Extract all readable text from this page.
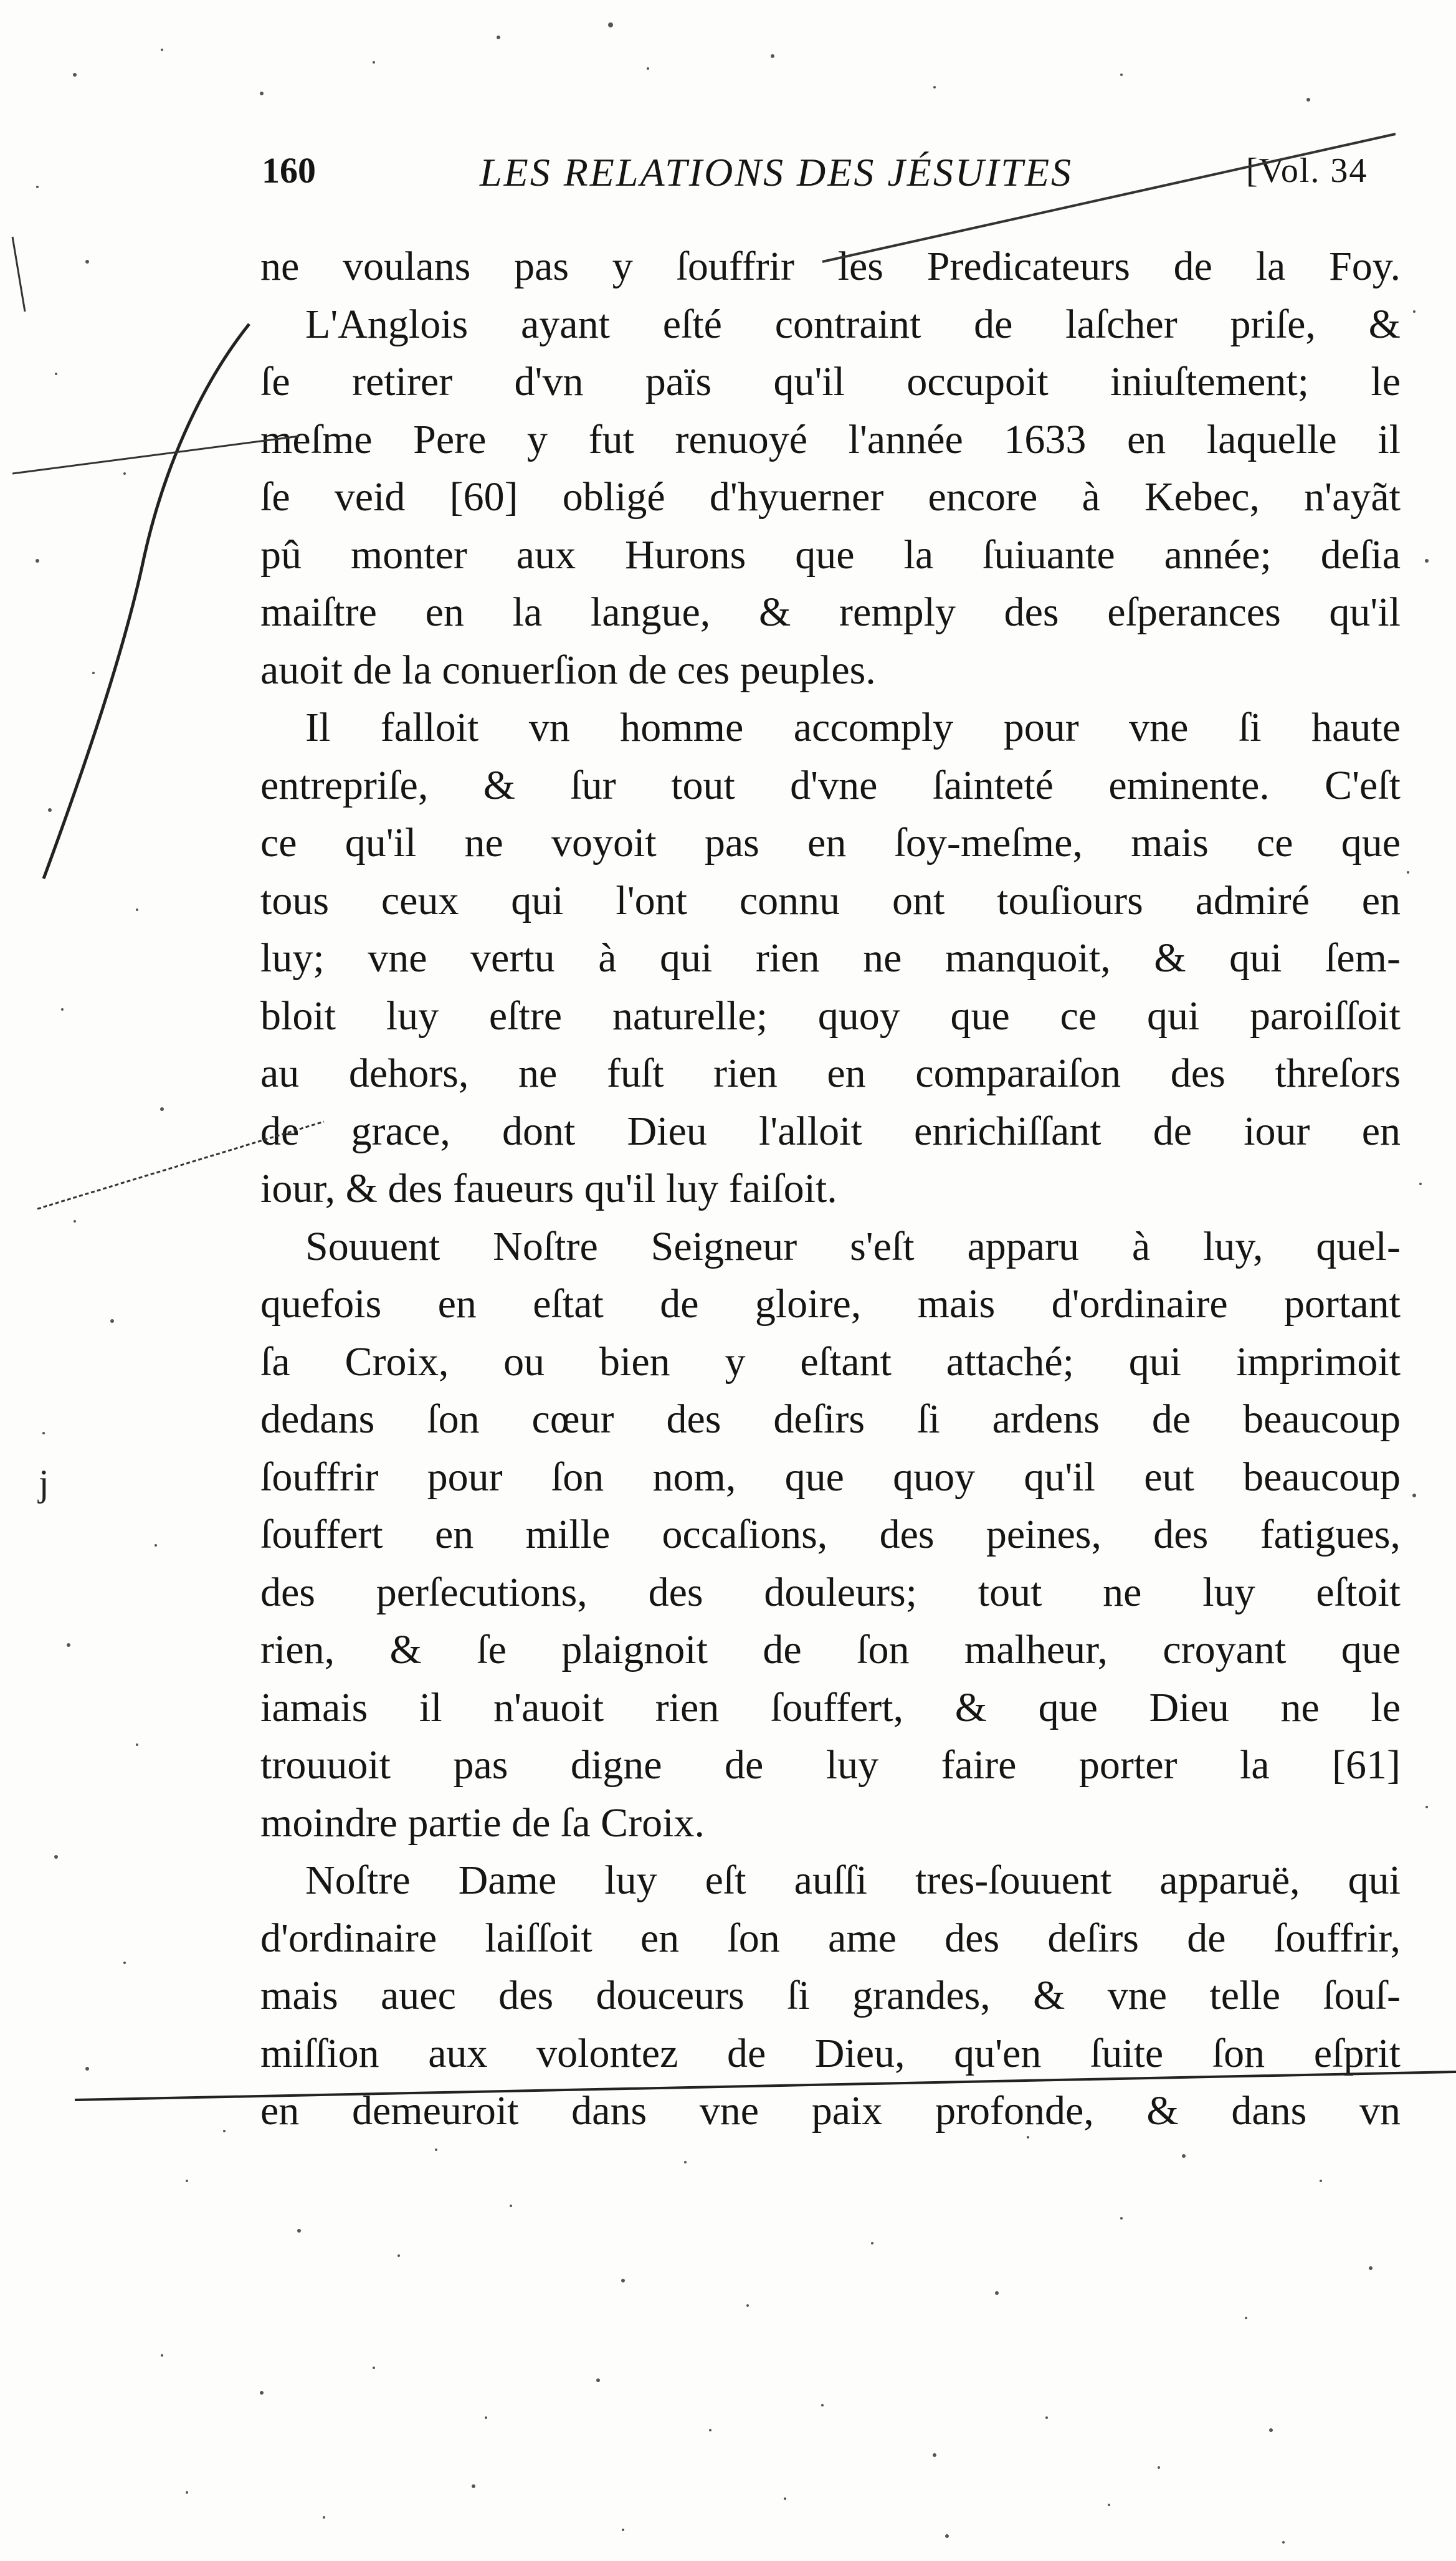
160	LES RELATIONS DES JÉSUITES	[Vol. 34
ne voulans pas y ſouffrir les Predicateurs de la Foy.
L'Anglois ayant eſté contraint de laſcher priſe, &
ſe retirer d'vn païs qu'il occupoit iniuſtement; le
meſme Pere y fut renuoyé l'année 1633 en laquelle il
ſe veid [60] obligé d'hyuerner encore à Kebec, n'ayãt
pû monter aux Hurons que la ſuiuante année; deſia
maiſtre en la langue, & remply des eſperances qu'il
auoit de la conuerſion de ces peuples.
Il falloit vn homme accomply pour vne ſi haute
entrepriſe, & ſur tout d'vne ſainteté eminente. C'eſt
ce qu'il ne voyoit pas en ſoy-meſme, mais ce que
tous ceux qui l'ont connu ont touſiours admiré en
luy; vne vertu à qui rien ne manquoit, & qui ſem-
bloit luy eſtre naturelle; quoy que ce qui paroiſſoit
au dehors, ne fuſt rien en comparaiſon des threſors
de grace, dont Dieu l'alloit enrichiſſant de iour en
iour, & des faueurs qu'il luy faiſoit.
Souuent Noſtre Seigneur s'eſt apparu à luy, quel-
quefois en eſtat de gloire, mais d'ordinaire portant
ſa Croix, ou bien y eſtant attaché; qui imprimoit
dedans ſon cœur des deſirs ſi ardens de beaucoup
ſouffrir pour ſon nom, que quoy qu'il eut beaucoup
ſouffert en mille occaſions, des peines, des fatigues,
des perſecutions, des douleurs; tout ne luy eſtoit
rien, & ſe plaignoit de ſon malheur, croyant que
iamais il n'auoit rien ſouffert, & que Dieu ne le
trouuoit pas digne de luy faire porter la [61]
moindre partie de ſa Croix.
Noſtre Dame luy eſt auſſi tres-ſouuent apparuë, qui
d'ordinaire laiſſoit en ſon ame des deſirs de ſouffrir,
mais auec des douceurs ſi grandes, & vne telle ſouſ-
miſſion aux volontez de Dieu, qu'en ſuite ſon eſprit
en demeuroit dans vne paix profonde, & dans vn
j
